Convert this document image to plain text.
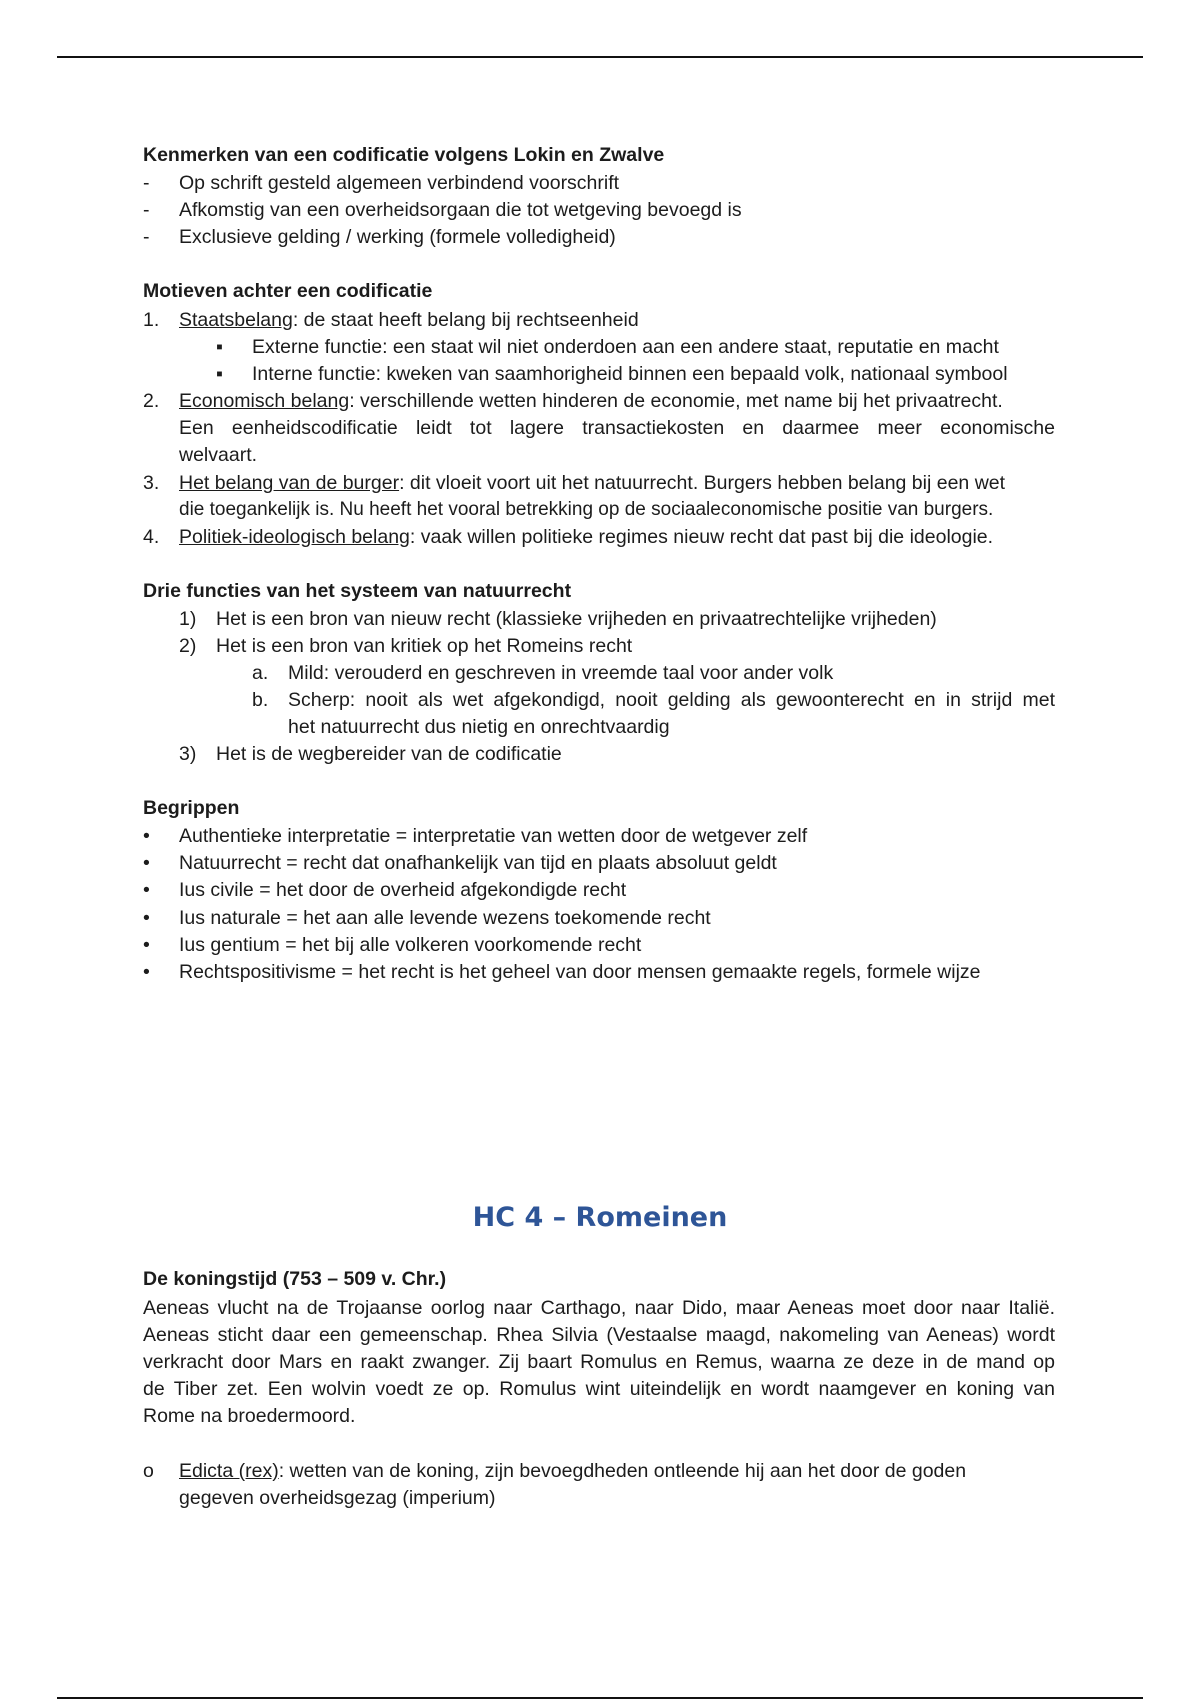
Kenmerken van een codificatie volgens Lokin en Zwalve
- Op schrift gesteld algemeen verbindend voorschrift
- Afkomstig van een overheidsorgaan die tot wetgeving bevoegd is
- Exclusieve gelding / werking (formele volledigheid)
Motieven achter een codificatie
1. Staatsbelang: de staat heeft belang bij rechtseenheid
▪ Externe functie: een staat wil niet onderdoen aan een andere staat, reputatie en macht
▪ Interne functie: kweken van saamhorigheid binnen een bepaald volk, nationaal symbool
2. Economisch belang: verschillende wetten hinderen de economie, met name bij het privaatrecht.
Een eenheidscodificatie leidt tot lagere transactiekosten en daarmee meer economische
welvaart.
3. Het belang van de burger: dit vloeit voort uit het natuurrecht. Burgers hebben belang bij een wet
die toegankelijk is. Nu heeft het vooral betrekking op de sociaaleconomische positie van burgers.
4. Politiek-ideologisch belang: vaak willen politieke regimes nieuw recht dat past bij die ideologie.
Drie functies van het systeem van natuurrecht
1) Het is een bron van nieuw recht (klassieke vrijheden en privaatrechtelijke vrijheden)
2) Het is een bron van kritiek op het Romeins recht
a. Mild: verouderd en geschreven in vreemde taal voor ander volk
b. Scherp: nooit als wet afgekondigd, nooit gelding als gewoonterecht en in strijd met
het natuurrecht dus nietig en onrechtvaardig
3) Het is de wegbereider van de codificatie
Begrippen
• Authentieke interpretatie = interpretatie van wetten door de wetgever zelf
• Natuurrecht = recht dat onafhankelijk van tijd en plaats absoluut geldt
• Ius civile = het door de overheid afgekondigde recht
• Ius naturale = het aan alle levende wezens toekomende recht
• Ius gentium = het bij alle volkeren voorkomende recht
• Rechtspositivisme = het recht is het geheel van door mensen gemaakte regels, formele wijze
HC 4 – Romeinen
De koningstijd (753 – 509 v. Chr.)
Aeneas vlucht na de Trojaanse oorlog naar Carthago, naar Dido, maar Aeneas moet door naar Italië.
Aeneas sticht daar een gemeenschap. Rhea Silvia (Vestaalse maagd, nakomeling van Aeneas) wordt
verkracht door Mars en raakt zwanger. Zij baart Romulus en Remus, waarna ze deze in de mand op
de Tiber zet. Een wolvin voedt ze op. Romulus wint uiteindelijk en wordt naamgever en koning van
Rome na broedermoord.
o Edicta (rex): wetten van de koning, zijn bevoegdheden ontleende hij aan het door de goden
gegeven overheidsgezag (imperium)
